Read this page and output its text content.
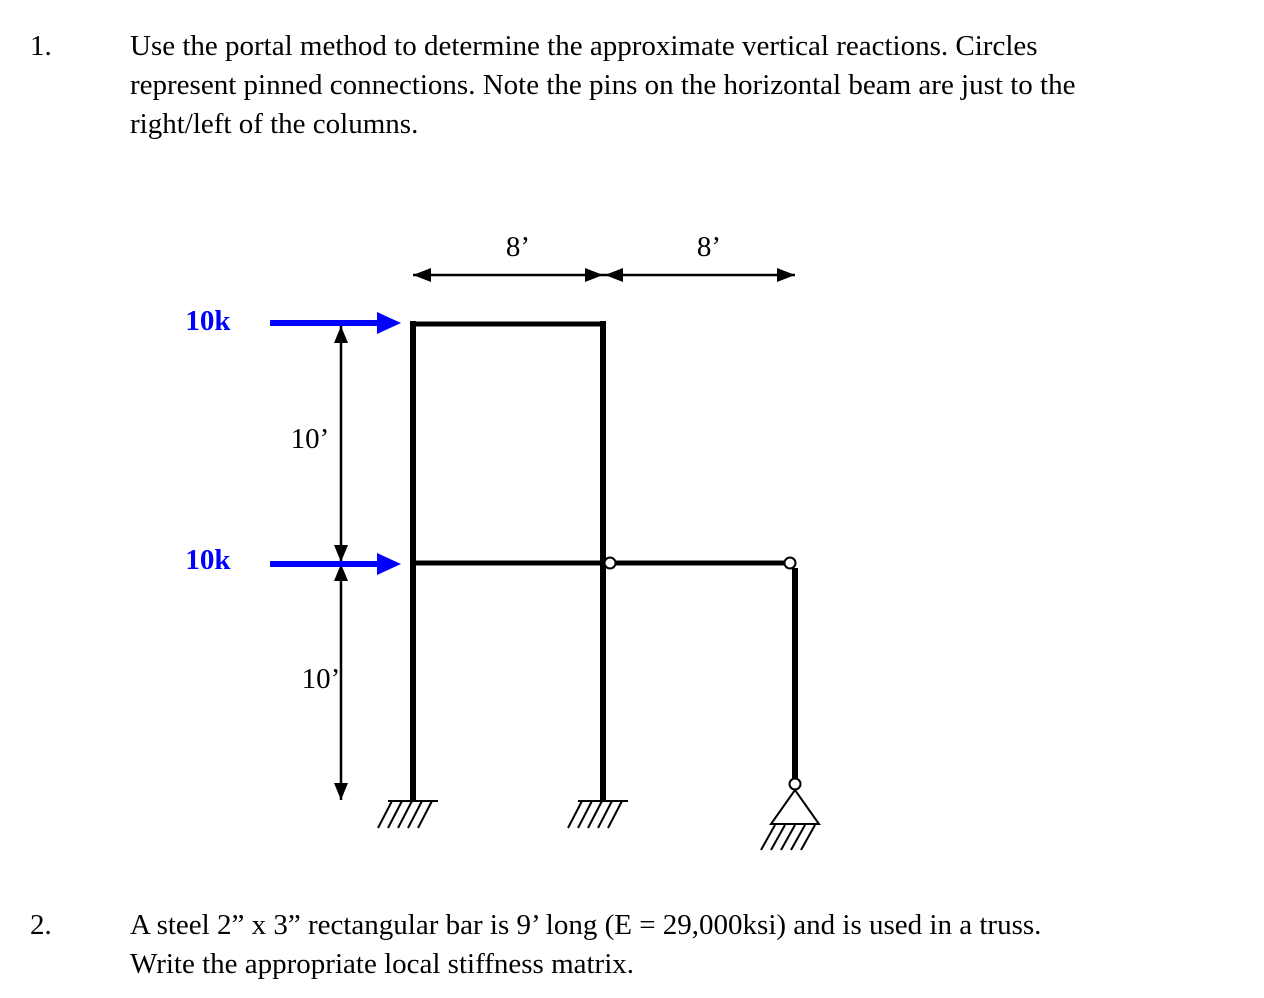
1.	Use the portal method to determine the approximate vertical reactions. Circles
represent pinned connections. Note the pins on the horizontal beam are just to the
right/left of the columns.
8’	8’
10’
10’
10k
10k
2.	A steel 2” x 3” rectangular bar is 9’ long (E = 29,000ksi) and is used in a truss.
Write the appropriate local stiffness matrix.
